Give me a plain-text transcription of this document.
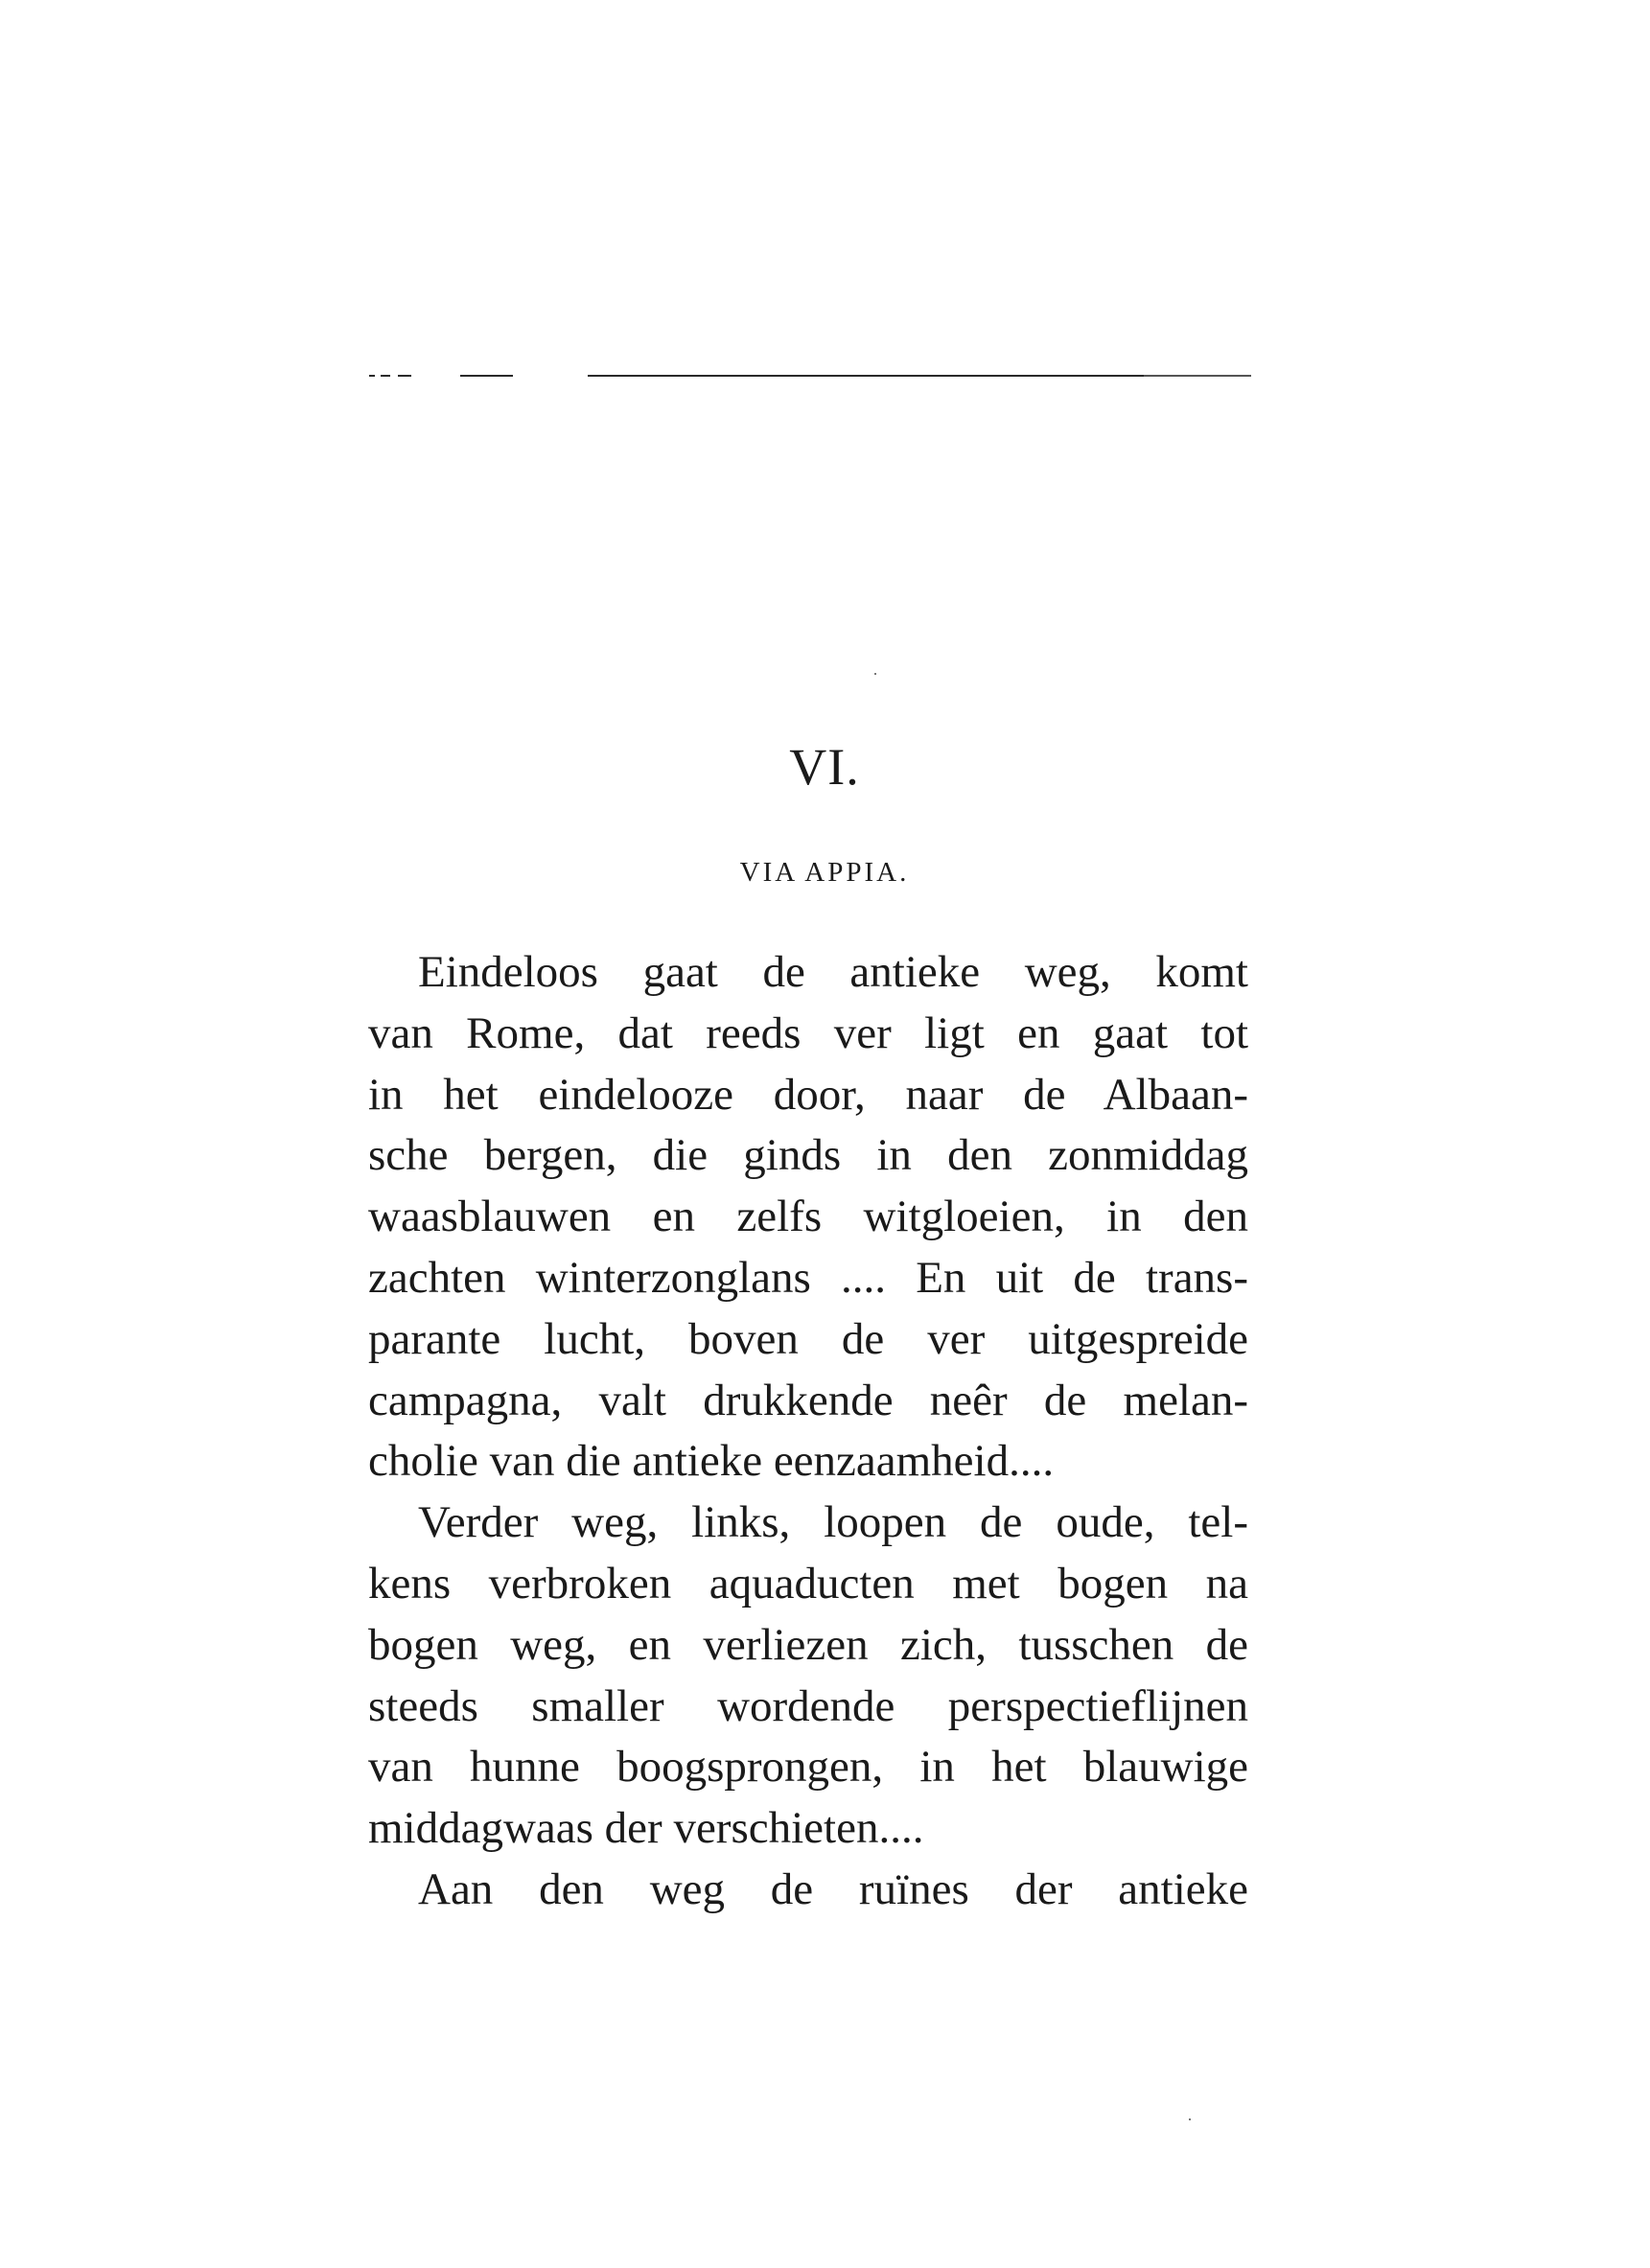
VI.
VIA APPIA.
Eindeloos gaat de antieke weg, komt
van Rome, dat reeds ver ligt en gaat tot
in het eindelooze door, naar de Albaan-
sche bergen, die ginds in den zonmiddag
waasblauwen en zelfs witgloeien, in den
zachten winterzonglans .... En uit de trans-
parante lucht, boven de ver uitgespreide
campagna, valt drukkende neêr de melan-
cholie van die antieke eenzaamheid....
Verder weg, links, loopen de oude, tel-
kens verbroken aquaducten met bogen na
bogen weg, en verliezen zich, tusschen de
steeds smaller wordende perspectieflijnen
van hunne boogsprongen, in het blauwige
middagwaas der verschieten....
Aan den weg de ruïnes der antieke
